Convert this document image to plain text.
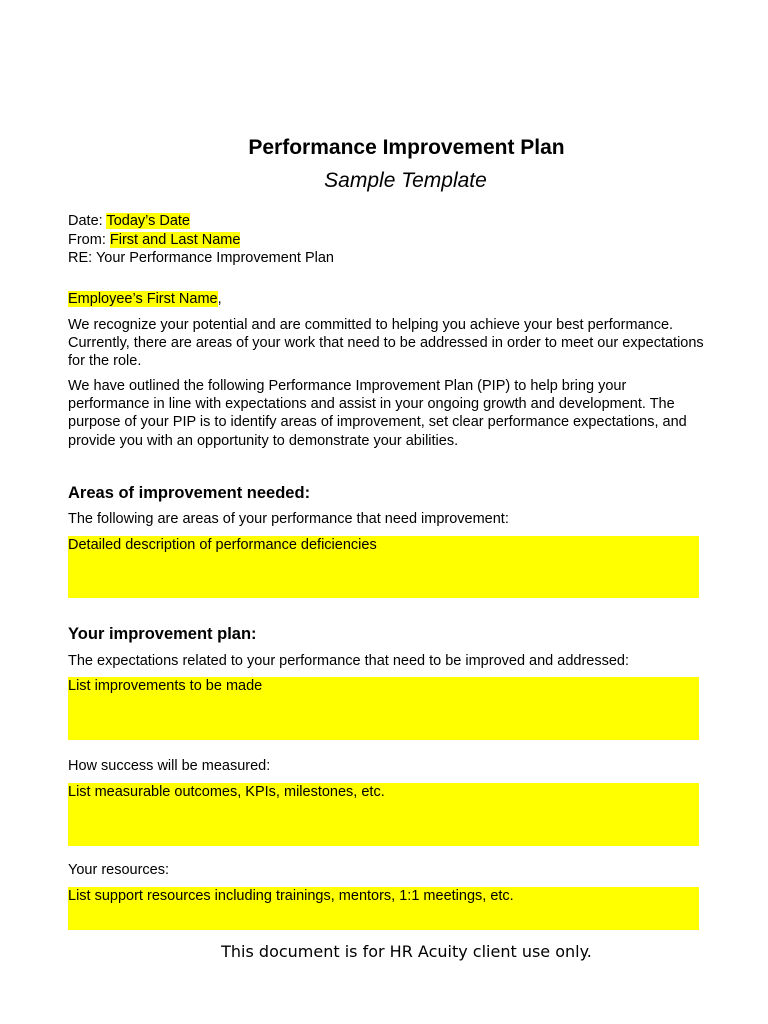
Performance Improvement Plan
Sample Template
Date: Today’s Date
From: First and Last Name
RE: Your Performance Improvement Plan
Employee’s First Name,

We recognize your potential and are committed to helping you achieve your best performance. Currently, there are areas of your work that need to be addressed in order to meet our expectations for the role.

We have outlined the following Performance Improvement Plan (PIP) to help bring your performance in line with expectations and assist in your ongoing growth and development. The purpose of your PIP is to identify areas of improvement, set clear performance expectations, and provide you with an opportunity to demonstrate your abilities.

Areas of improvement needed:
The following are areas of your performance that need improvement:
Detailed description of performance deficiencies
Your improvement plan:
The expectations related to your performance that need to be improved and addressed:
List improvements to be made
How success will be measured:
List measurable outcomes, KPIs, milestones, etc.
Your resources:
List support resources including trainings, mentors, 1:1 meetings, etc.
This document is for HR Acuity client use only.
